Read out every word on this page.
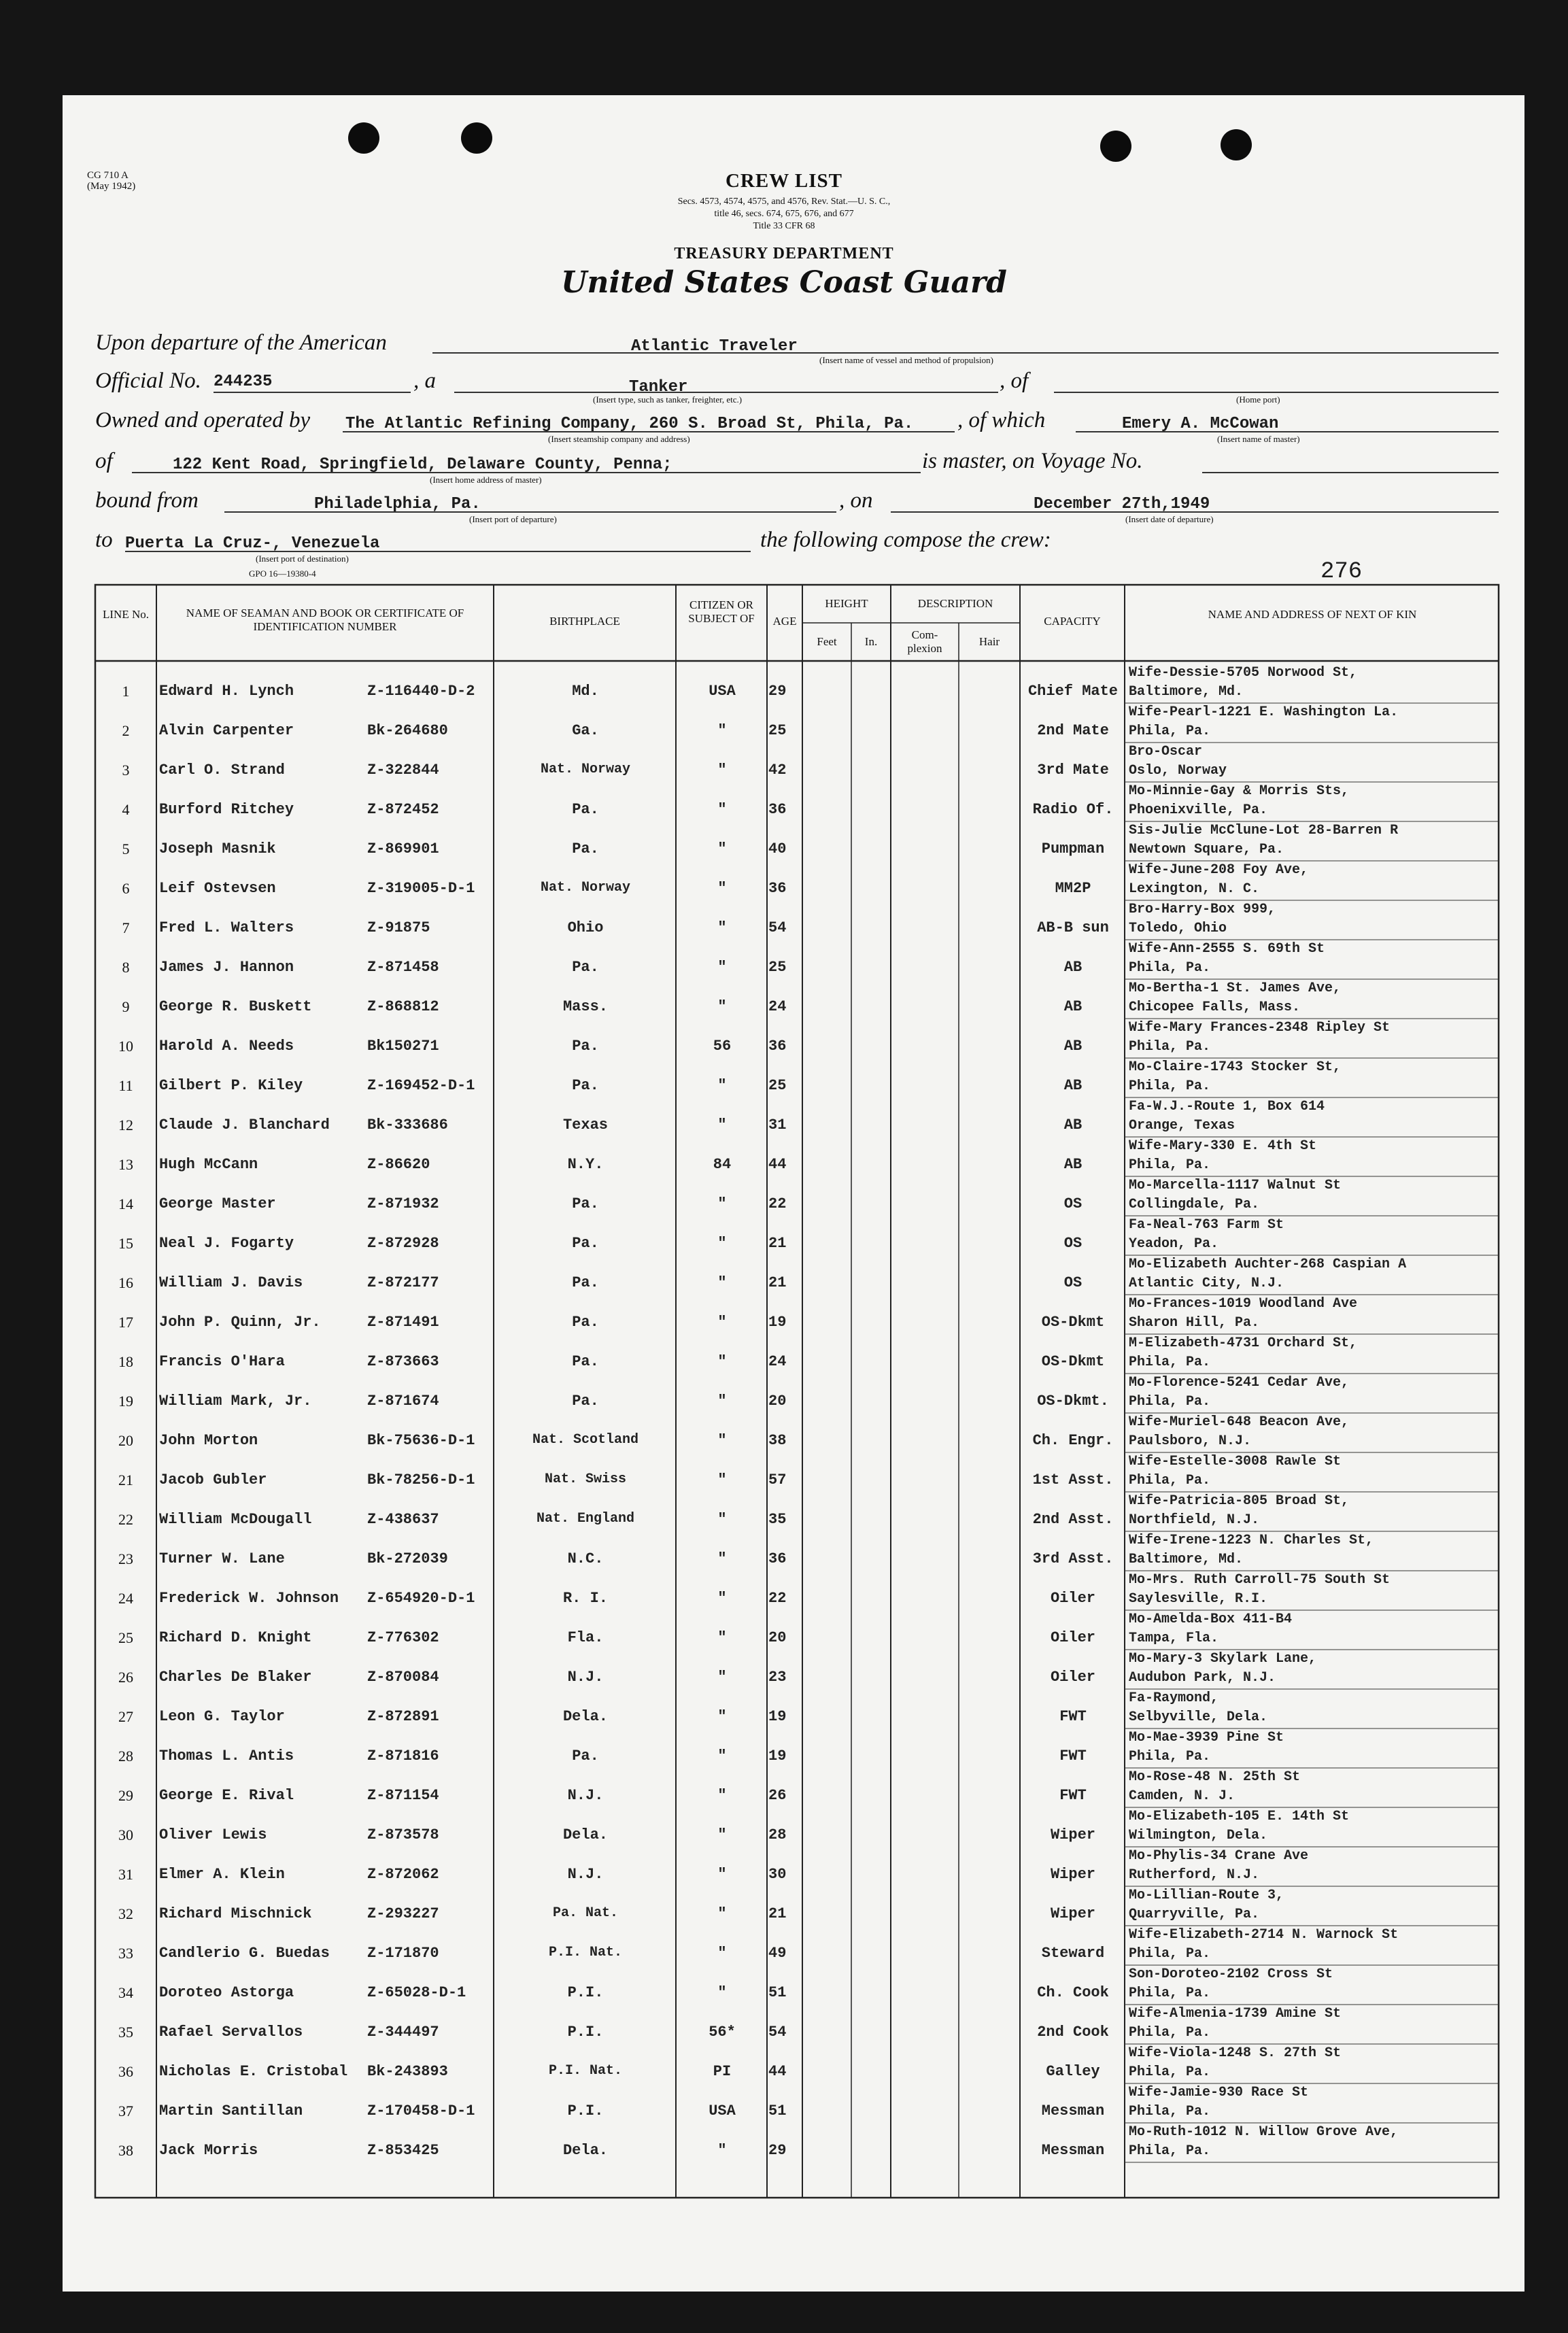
CG 710 A
(May 1942)	CREW LIST
Secs. 4573, 4574, 4575, and 4576, Rev. Stat.—U. S. C.,
title 46, secs. 674, 675, 676, and 677
Title 33 CFR 68
TREASURY DEPARTMENT
United States Coast Guard
Upon departure of the American	Atlantic Traveler
(Insert name of vessel and method of propulsion)
Official No. 244235	, a	Tanker
(Insert type, such as tanker, freighter, etc.)
, of
(Home port)
Owned and operated by The Atlantic Refining Company, 260 S. Broad St, Phila, Pa.
(Insert steamship company and address)
, of which	Emery A. McCowan
(Insert name of master)
of	122 Kent Road, Springfield, Delaware County, Penna;
(Insert home address of master)
is master, on Voyage No.
bound from	Philadelphia, Pa.
(Insert port of departure)
, on	December 27th,1949
(Insert date of departure)
to Puerta La Cruz-, Venezuela
(Insert port of destination)
the following compose the crew:
GPO 16—19380-4	276
LINE No.	NAME OF SEAMAN AND BOOK OR CERTIFICATE OF IDENTIFICATION NUMBER	BIRTHPLACE
CITIZEN OR SUBJECT OF	AGE
HEIGHT
Feet	In.
DESCRIPTION
Com-plexion
Hair
CAPACITY
NAME AND ADDRESS OF NEXT OF KIN
1	Edward H. Lynch	Z-116440-D-2	Md.	USA	29	Chief Mate
Wife-Dessie-5705 Norwood St,
Baltimore, Md.
2	Alvin Carpenter	Bk-264680	Ga.	"	25	2nd Mate
Wife-Pearl-1221 E. Washington La.
Phila, Pa.
3	Carl O. Strand	Z-322844	Nat. Norway	"	42	3rd Mate
Bro-Oscar
Oslo, Norway
4	Burford Ritchey	Z-872452	Pa.	"	36	Radio Of.
Mo-Minnie-Gay & Morris Sts,
Phoenixville, Pa.
5	Joseph Masnik	Z-869901	Pa.	"	40	Pumpman
Sis-Julie McClune-Lot 28-Barren R
Newtown Square, Pa.
6	Leif Ostevsen	Z-319005-D-1	Nat. Norway	"	36	MM2P
Wife-June-208 Foy Ave,
Lexington, N. C.
7	Fred L. Walters	Z-91875	Ohio	"	54	AB-B sun
Bro-Harry-Box 999,
Toledo, Ohio
8	James J. Hannon	Z-871458	Pa.	"	25	AB
Wife-Ann-2555 S. 69th St
Phila, Pa.
9	George R. Buskett	Z-868812	Mass.	"	24	AB
Mo-Bertha-1 St. James Ave,
Chicopee Falls, Mass.
10	Harold A. Needs	Bk150271	Pa.	56	36	AB
Wife-Mary Frances-2348 Ripley St
Phila, Pa.
11	Gilbert P. Kiley	Z-169452-D-1	Pa.	"	25	AB
Mo-Claire-1743 Stocker St,
Phila, Pa.
12	Claude J. Blanchard	Bk-333686	Texas	"	31	AB
Fa-W.J.-Route 1, Box 614
Orange, Texas
13	Hugh McCann	Z-86620	N.Y.	84	44	AB
Wife-Mary-330 E. 4th St
Phila, Pa.
14	George Master	Z-871932	Pa.	"	22	OS
Mo-Marcella-1117 Walnut St
Collingdale, Pa.
15	Neal J. Fogarty	Z-872928	Pa.	"	21	OS
Fa-Neal-763 Farm St
Yeadon, Pa.
16	William J. Davis	Z-872177	Pa.	"	21	OS
Mo-Elizabeth Auchter-268 Caspian A
Atlantic City, N.J.
17	John P. Quinn, Jr.	Z-871491	Pa.	"	19	OS-Dkmt
Mo-Frances-1019 Woodland Ave
Sharon Hill, Pa.
18	Francis O'Hara	Z-873663	Pa.	"	24	OS-Dkmt
M-Elizabeth-4731 Orchard St,
Phila, Pa.
19	William Mark, Jr.	Z-871674	Pa.	"	20	OS-Dkmt.
Mo-Florence-5241 Cedar Ave,
Phila, Pa.
20	John Morton	Bk-75636-D-1	Nat. Scotland	"	38	Ch. Engr.
Wife-Muriel-648 Beacon Ave,
Paulsboro, N.J.
21	Jacob Gubler	Bk-78256-D-1	Nat. Swiss	"	57	1st Asst.
Wife-Estelle-3008 Rawle St
Phila, Pa.
22	William McDougall	Z-438637	Nat. England	"	35	2nd Asst.
Wife-Patricia-805 Broad St,
Northfield, N.J.
23	Turner W. Lane	Bk-272039	N.C.	"	36	3rd Asst.
Wife-Irene-1223 N. Charles St,
Baltimore, Md.
24	Frederick W. Johnson	Z-654920-D-1	R. I.	"	22	Oiler
Mo-Mrs. Ruth Carroll-75 South St
Saylesville, R.I.
25	Richard D. Knight	Z-776302	Fla.	"	20	Oiler
Mo-Amelda-Box 411-B4
Tampa, Fla.
26	Charles De Blaker	Z-870084	N.J.	"	23	Oiler
Mo-Mary-3 Skylark Lane,
Audubon Park, N.J.
27	Leon G. Taylor	Z-872891	Dela.	"	19	FWT
Fa-Raymond,
Selbyville, Dela.
28	Thomas L. Antis	Z-871816	Pa.	"	19	FWT
Mo-Mae-3939 Pine St
Phila, Pa.
29	George E. Rival	Z-871154	N.J.	"	26	FWT
Mo-Rose-48 N. 25th St
Camden, N. J.
30	Oliver Lewis	Z-873578	Dela.	"	28	Wiper
Mo-Elizabeth-105 E. 14th St
Wilmington, Dela.
31	Elmer A. Klein	Z-872062	N.J.	"	30	Wiper
Mo-Phylis-34 Crane Ave
Rutherford, N.J.
32	Richard Mischnick	Z-293227	Pa. Nat.	"	21	Wiper
Mo-Lillian-Route 3,
Quarryville, Pa.
33	Candlerio G. Buedas	Z-171870	P.I. Nat.	"	49	Steward
Wife-Elizabeth-2714 N. Warnock St
Phila, Pa.
34	Doroteo Astorga	Z-65028-D-1	P.I.	"	51	Ch. Cook
Son-Doroteo-2102 Cross St
Phila, Pa.
35	Rafael Servallos	Z-344497	P.I.	56*	54	2nd Cook
Wife-Almenia-1739 Amine St
Phila, Pa.
36	Nicholas E. Cristobal	Bk-243893	P.I. Nat.	PI	44	Galley
Wife-Viola-1248 S. 27th St
Phila, Pa.
37	Martin Santillan	Z-170458-D-1	P.I.	USA	51	Messman
Wife-Jamie-930 Race St
Phila, Pa.
38	Jack Morris	Z-853425	Dela.	"	29	Messman
Mo-Ruth-1012 N. Willow Grove Ave,
Phila, Pa.
